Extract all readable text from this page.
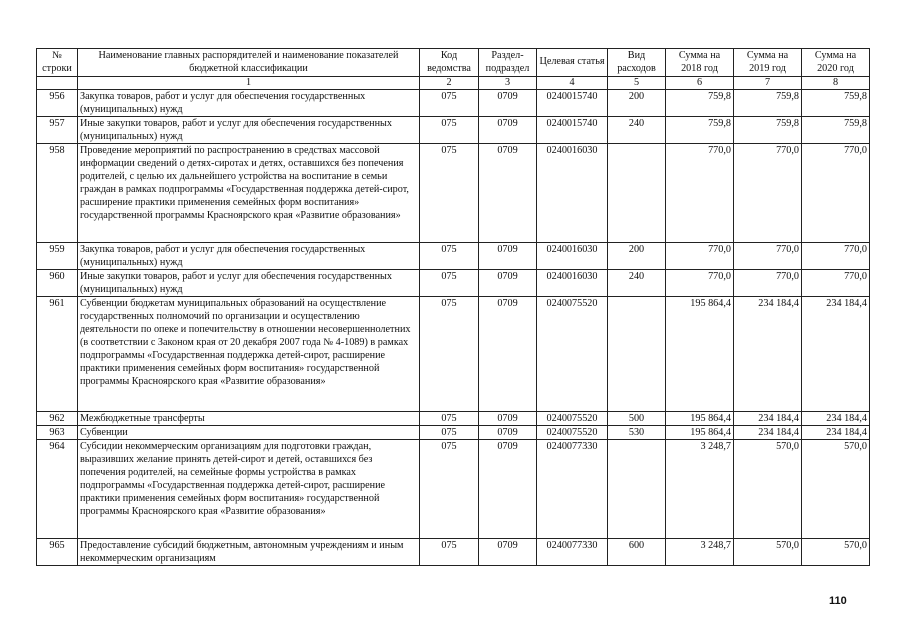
№ строки	Наименование главных распорядителей и наименование показателей бюджетной классификации	Код ведомства	Раздел-подраздел	Целевая статья	Вид расходов	Сумма на 2018 год	Сумма на 2019 год	Сумма на 2020 год
	1	2	3	4	5	6	7	8
956	Закупка товаров, работ и услуг для обеспечения государственных (муниципальных) нужд	075	0709	0240015740	200	759,8	759,8	759,8
957	Иные закупки товаров, работ и услуг для обеспечения государственных (муниципальных) нужд	075	0709	0240015740	240	759,8	759,8	759,8
958	Проведение мероприятий по распространению в средствах массовой информации сведений о детях-сиротах и детях, оставшихся без попечения родителей, с целью их дальнейшего устройства на воспитание в семьи граждан в рамках подпрограммы «Государственная поддержка детей-сирот, расширение практики применения семейных форм воспитания» государственной программы Красноярского края «Развитие образования»	075	0709	0240016030		770,0	770,0	770,0
959	Закупка товаров, работ и услуг для обеспечения государственных (муниципальных) нужд	075	0709	0240016030	200	770,0	770,0	770,0
960	Иные закупки товаров, работ и услуг для обеспечения государственных (муниципальных) нужд	075	0709	0240016030	240	770,0	770,0	770,0
961	Субвенции бюджетам муниципальных образований на осуществление государственных полномочий по организации и осуществлению деятельности по опеке и попечительству в отношении несовершеннолетних (в соответствии с Законом края от 20 декабря 2007 года № 4-1089) в рамках подпрограммы «Государственная поддержка детей-сирот, расширение практики применения семейных форм воспитания» государственной программы Красноярского края «Развитие образования»	075	0709	0240075520		195 864,4	234 184,4	234 184,4
962	Межбюджетные трансферты	075	0709	0240075520	500	195 864,4	234 184,4	234 184,4
963	Субвенции	075	0709	0240075520	530	195 864,4	234 184,4	234 184,4
964	Субсидии некоммерческим организациям для подготовки граждан, выразивших желание принять детей-сирот и детей, оставшихся без попечения родителей, на семейные формы устройства в рамках подпрограммы «Государственная поддержка детей-сирот, расширение практики применения семейных форм воспитания» государственной программы Красноярского края «Развитие образования»	075	0709	0240077330		3 248,7	570,0	570,0
965	Предоставление субсидий бюджетным, автономным учреждениям и иным некоммерческим организациям	075	0709	0240077330	600	3 248,7	570,0	570,0
110
